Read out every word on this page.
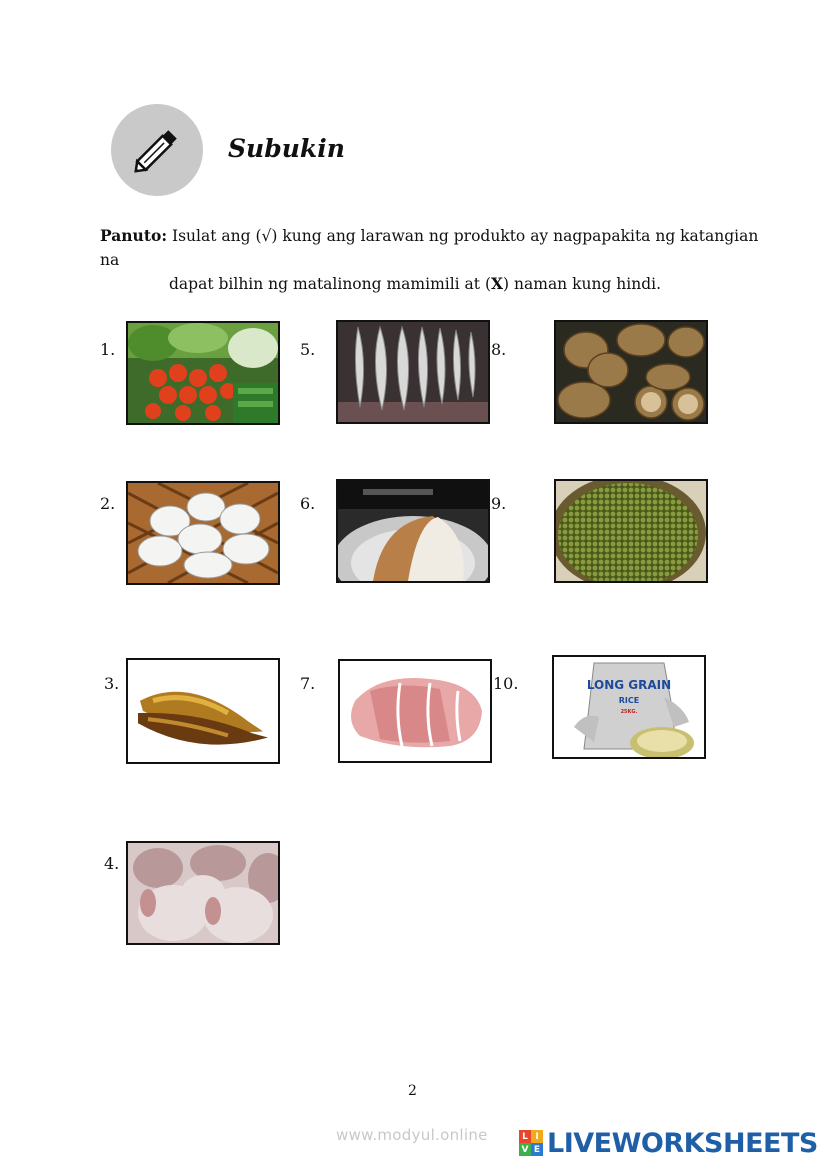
Subukin
Panuto: Isulat ang (√) kung ang larawan ng produkto ay nagpapakita ng katangian na
dapat bilhin ng matalinong mamimili at (X) naman kung hindi.
1.
2.
3.
4.
5.
6.
7.
8.
9.
10.	LONG GRAIN
RICE
25KG.
2
www.modyul.online	L I
V E LIVEWORKSHEETS
